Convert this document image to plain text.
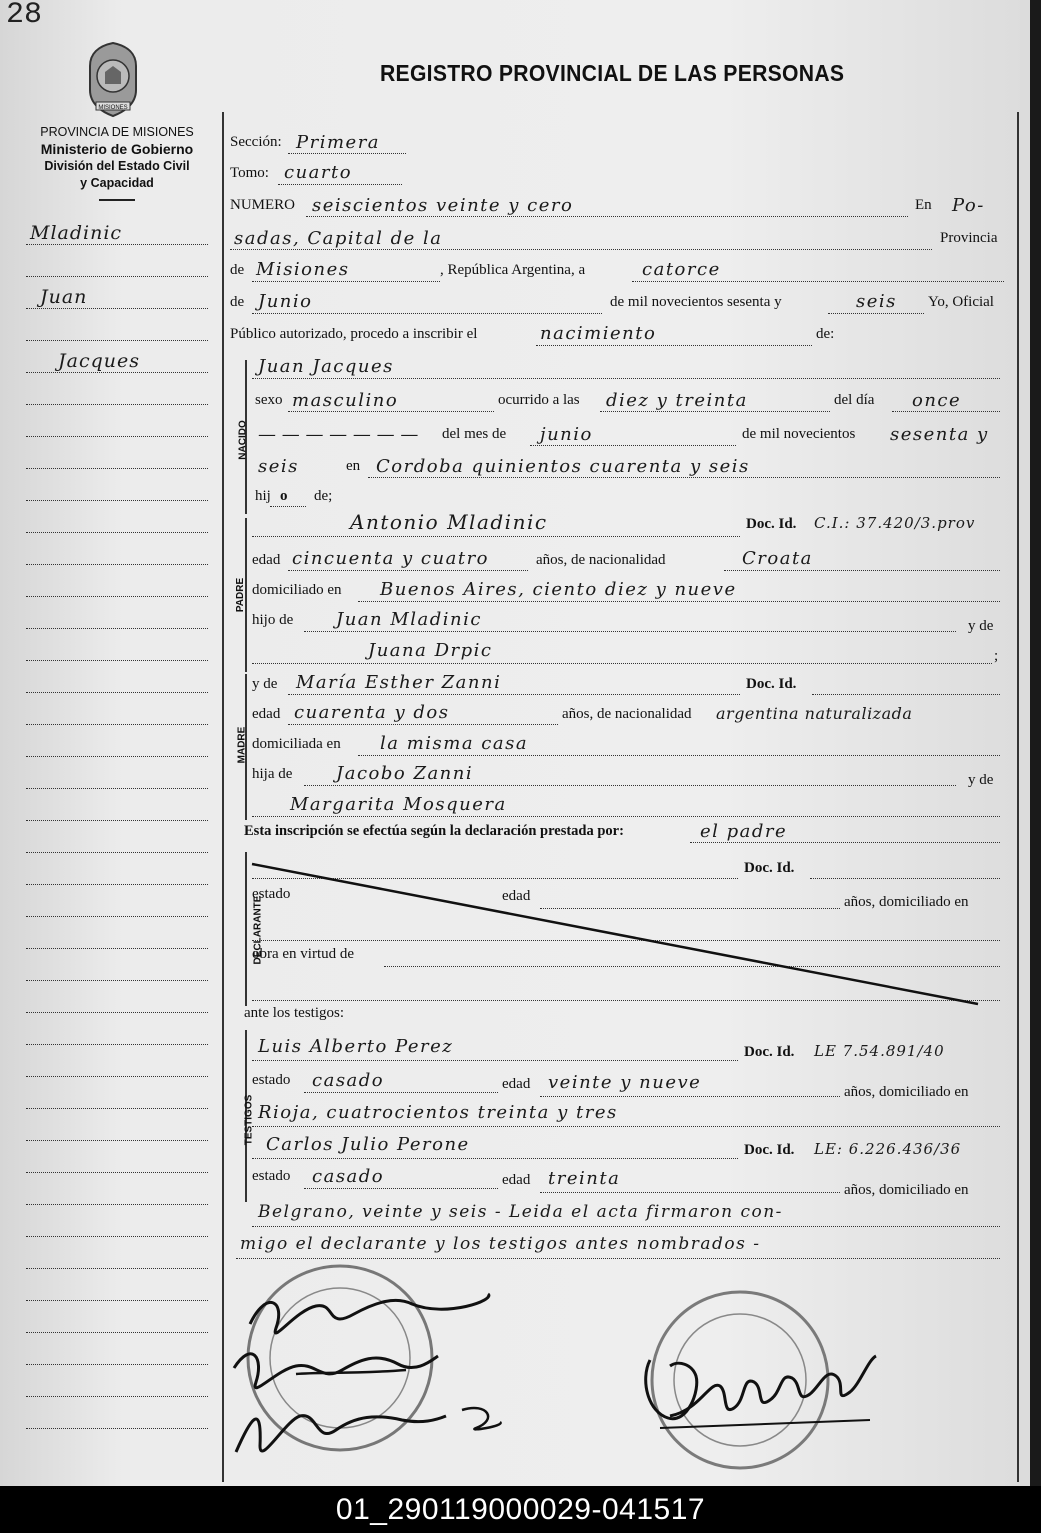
28
MISIONES
REGISTRO PROVINCIAL DE LAS PERSONAS
PROVINCIA DE MISIONES
Ministerio de Gobierno
División del Estado Civil
y Capacidad
Mladinic
Juan
Jacques
Sección: Primera
Tomo: cuarto
NUMERO seiscientos veinte y cero	En Po-
sadas, Capital de la	Provincia
de Misiones	, República Argentina, a	catorce
de Junio	de mil novecientos sesenta y	seis Yo, Oficial
Público autorizado, procedo a inscribir el	nacimiento	de:
NACIDO
Juan Jacques
sexo masculino	ocurrido a las diez y treinta	del día once
— — — — — — — del mes de junio	de mil novecientos sesenta y
seis	en Cordoba quinientos cuarenta y seis
hij o de;
PADRE
Antonio Mladinic	Doc. Id. C.I.: 37.420/3.prov
edad cincuenta y cuatro	años, de nacionalidad	Croata
domiciliado en Buenos Aires, ciento diez y nueve
hijo de Juan Mladinic	y de
Juana Drpic	;
MADRE
y de María Esther Zanni	Doc. Id.
edad cuarenta y dos	años, de nacionalidad argentina naturalizada
domiciliada en la misma casa
hija de Jacobo Zanni	y de
Margarita Mosquera
Esta inscripción se efectúa según la declaración prestada por:	el padre
DECLARANTE
Doc. Id.
estado	edad	años, domiciliado en
obra en virtud de
ante los testigos:
TESTIGOS
Luis Alberto Perez	Doc. Id. LE 7.54.891/40
estado casado	edad veinte y nueve	años, domiciliado en
Rioja, cuatrocientos treinta y tres
Carlos Julio Perone	Doc. Id. LE: 6.226.436/36
estado casado	edad treinta
años, domiciliado en
Belgrano, veinte y seis - Leida el acta firmaron con-
migo el declarante y los testigos antes nombrados -
01_290119000029-041517
